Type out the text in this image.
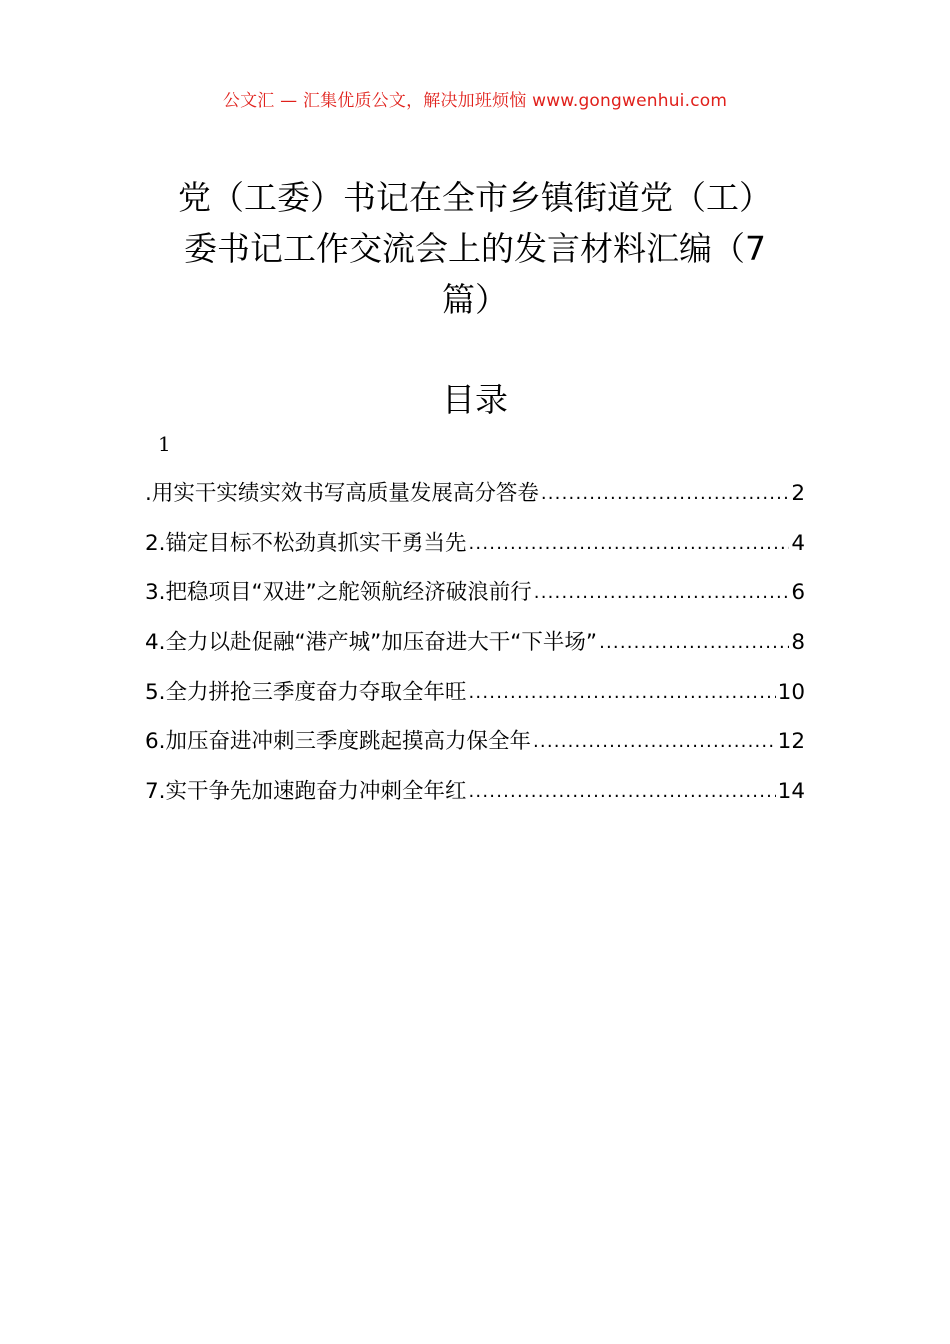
公文汇 — 汇集优质公文，解决加班烦恼 www.gongwenhui.com
党（工委）书记在全市乡镇街道党（工）
委书记工作交流会上的发言材料汇编（7
篇）
目录
1
.用实干实绩实效书写高质量发展高分答卷 .....	2
2.锚定目标不松劲真抓实干勇当先 .....	4
3.把稳项目“双进”之舵领航经济破浪前行 .....	6
4.全力以赴促融“港产城”加压奋进大干“下半场” .....	8
5.全力拼抢三季度奋力夺取全年旺 .....	10
6.加压奋进冲刺三季度跳起摸高力保全年 .....	12
7.实干争先加速跑奋力冲刺全年红 .....	14
